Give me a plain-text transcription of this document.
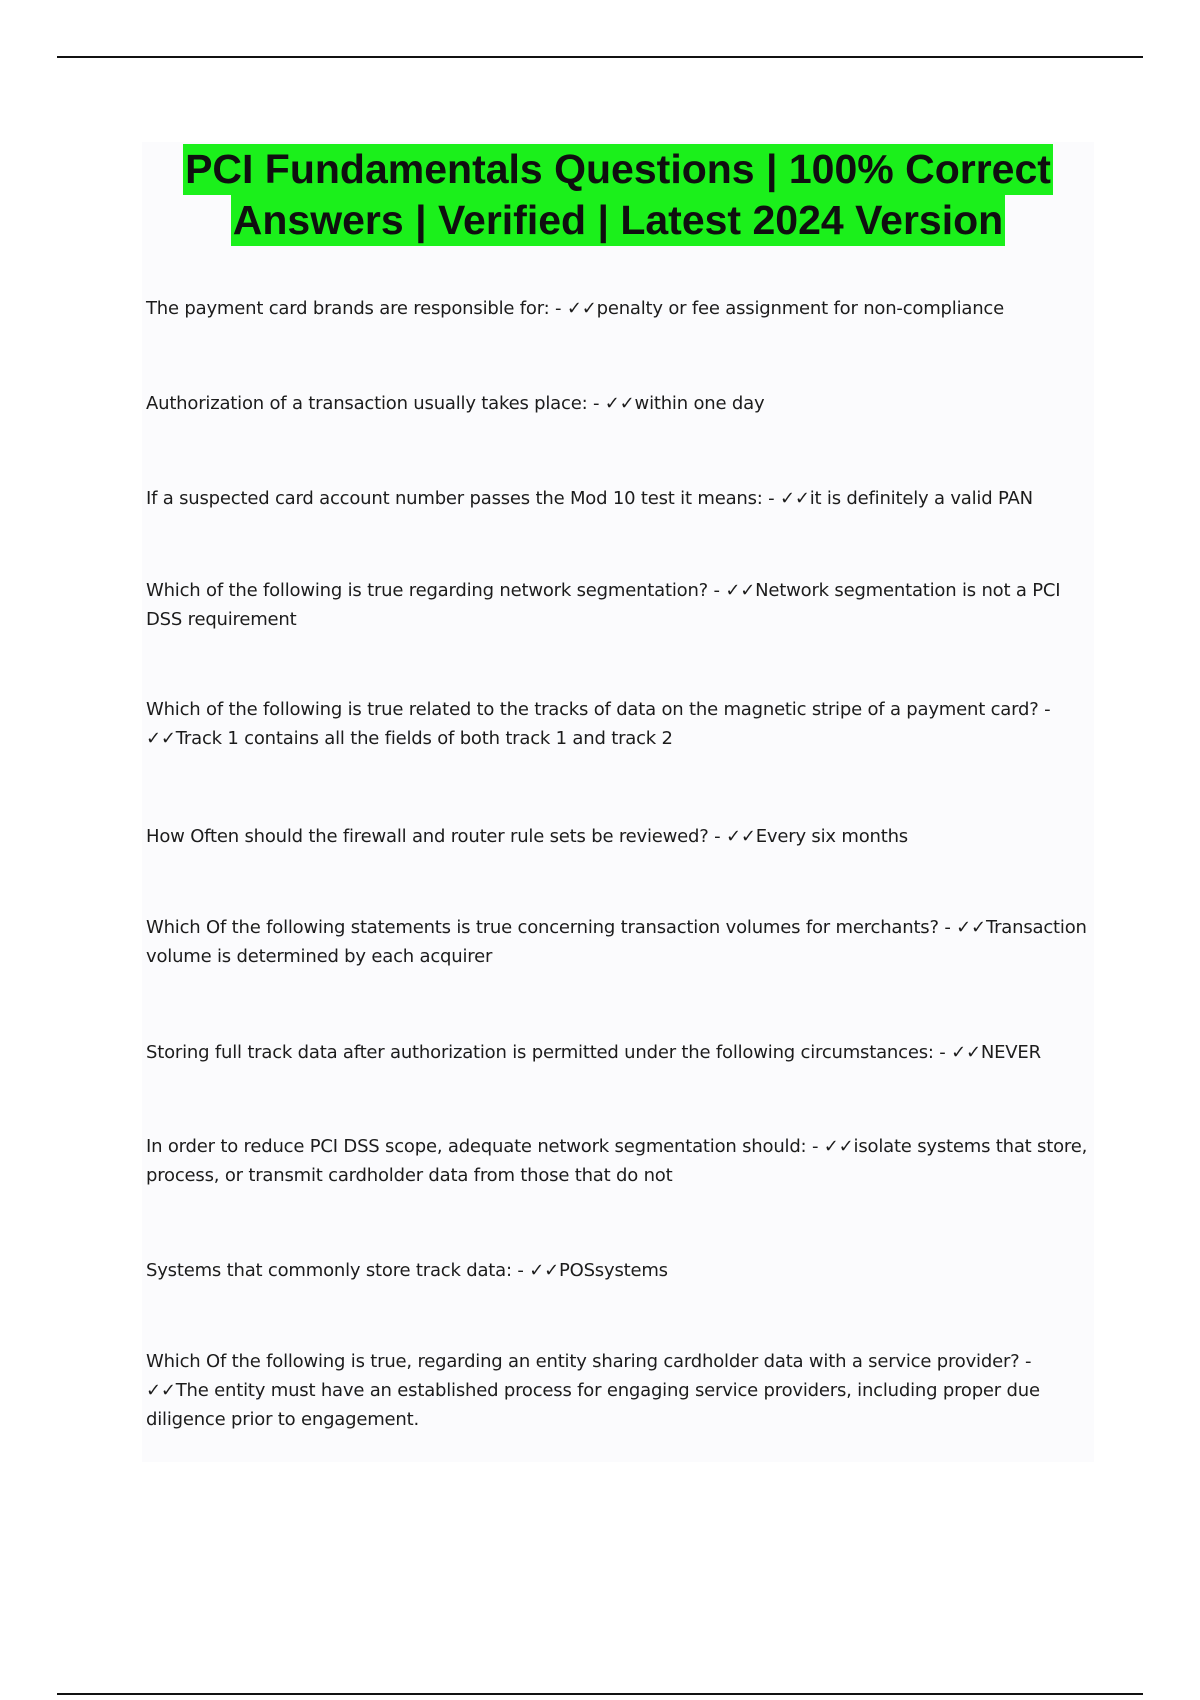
PCI Fundamentals Questions | 100% Correct
Answers | Verified | Latest 2024 Version
The payment card brands are responsible for: - ✓✓penalty or fee assignment for non-compliance
Authorization of a transaction usually takes place: - ✓✓within one day
If a suspected card account number passes the Mod 10 test it means: - ✓✓it is definitely a valid PAN
Which of the following is true regarding network segmentation? - ✓✓Network segmentation is not a PCI DSS requirement
Which of the following is true related to the tracks of data on the magnetic stripe of a payment card? - ✓✓Track 1 contains all the fields of both track 1 and track 2
How Often should the firewall and router rule sets be reviewed? - ✓✓Every six months
Which Of the following statements is true concerning transaction volumes for merchants? - ✓✓Transaction volume is determined by each acquirer
Storing full track data after authorization is permitted under the following circumstances: - ✓✓NEVER
In order to reduce PCI DSS scope, adequate network segmentation should: - ✓✓isolate systems that store, process, or transmit cardholder data from those that do not
Systems that commonly store track data: - ✓✓POSsystems
Which Of the following is true, regarding an entity sharing cardholder data with a service provider? - ✓✓The entity must have an established process for engaging service providers, including proper due diligence prior to engagement.
